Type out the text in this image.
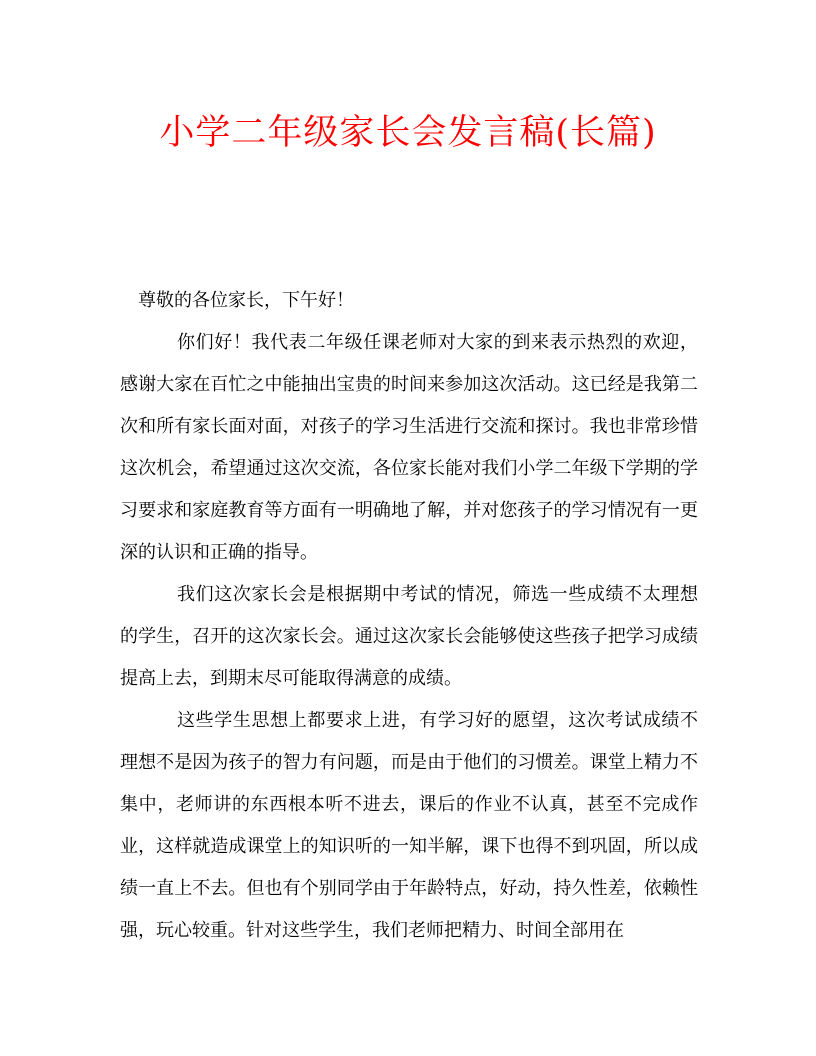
小学二年级家长会发言稿(长篇)
尊敬的各位家长，下午好！

你们好！我代表二年级任课老师对大家的到来表示热烈的欢迎，感谢大家在百忙之中能抽出宝贵的时间来参加这次活动。这已经是我第二次和所有家长面对面，对孩子的学习生活进行交流和探讨。我也非常珍惜这次机会，希望通过这次交流，各位家长能对我们小学二年级下学期的学习要求和家庭教育等方面有一明确地了解，并对您孩子的学习情况有一更深的认识和正确的指导。

我们这次家长会是根据期中考试的情况，筛选一些成绩不太理想的学生，召开的这次家长会。通过这次家长会能够使这些孩子把学习成绩提高上去，到期末尽可能取得满意的成绩。

这些学生思想上都要求上进，有学习好的愿望，这次考试成绩不理想不是因为孩子的智力有问题，而是由于他们的习惯差。课堂上精力不集中，老师讲的东西根本听不进去，课后的作业不认真，甚至不完成作业，这样就造成课堂上的知识听的一知半解，课下也得不到巩固，所以成绩一直上不去。但也有个别同学由于年龄特点，好动，持久性差，依赖性强，玩心较重。针对这些学生，我们老师把精力、时间全部用在
